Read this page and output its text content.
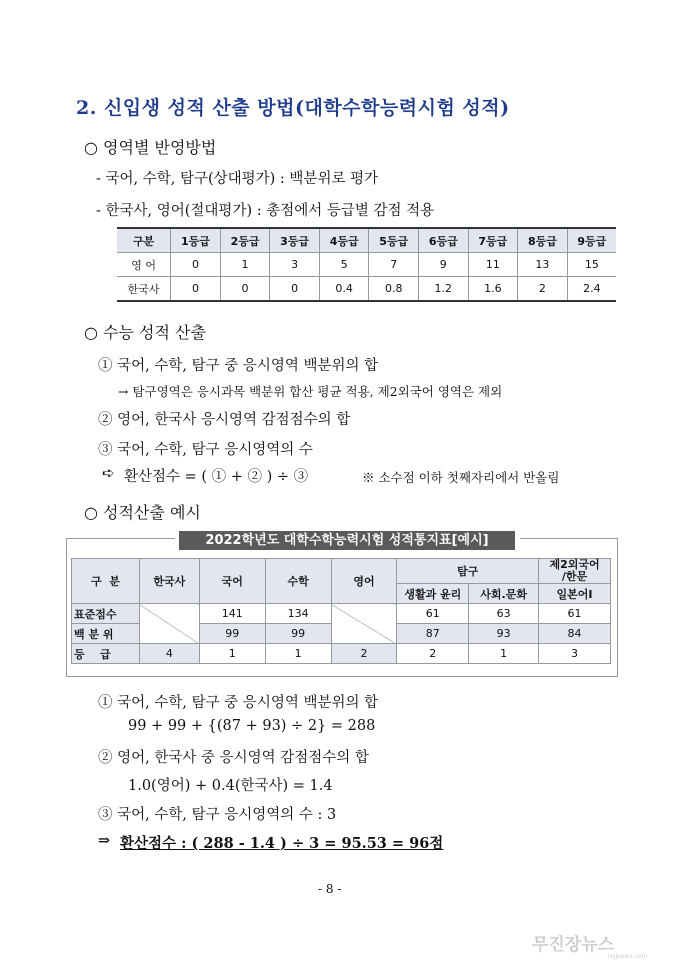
2. 신입생 성적 산출 방법(대학수학능력시험 성적)
○ 영역별 반영방법
- 국어, 수학, 탐구(상대평가) : 백분위로 평가
- 한국사, 영어(절대평가) : 총점에서 등급별 감점 적용
구분	1등급	2등급	3등급	4등급	5등급	6등급	7등급	8등급	9등급
영 어	0	1	3	5	7	9	11	13	15
한국사	0	0	0	0.4	0.8	1.2	1.6	2	2.4
○ 수능 성적 산출
① 국어, 수학, 탐구 중 응시영역 백분위의 합
→ 탐구영역은 응시과목 백분위 합산 평균 적용, 제2외국어 영역은 제외
② 영어, 한국사 응시영역 감점점수의 합
③ 국어, 수학, 탐구 응시영역의 수
➪ 환산점수 = ( ① + ② ) ÷ ③	※ 소수점 이하 첫째자리에서 반올림
○ 성적산출 예시
2022학년도 대학수학능력시험 성적통지표[예시]
구  분	한국사	국어	수학	영어	탐구		제2외국어
/한문
					생활과 윤리	사회.문화	일본어Ⅰ
표준점수		141	134		61	63	61
백 분 위		99	99		87	93	84
등    급	4	1	1	2	2	1	3
① 국어, 수학, 탐구 중 응시영역 백분위의 합
99 + 99 + {(87 + 93) ÷ 2} = 288
② 영어, 한국사 중 응시영역 감점점수의 합
1.0(영어) + 0.4(한국사) = 1.4
③ 국어, 수학, 탐구 응시영역의 수 : 3
⇒ 환산점수 : ( 288 - 1.4 ) ÷ 3 = 95.53 = 96점
- 8 -
무진장뉴스
mjjnews.com
